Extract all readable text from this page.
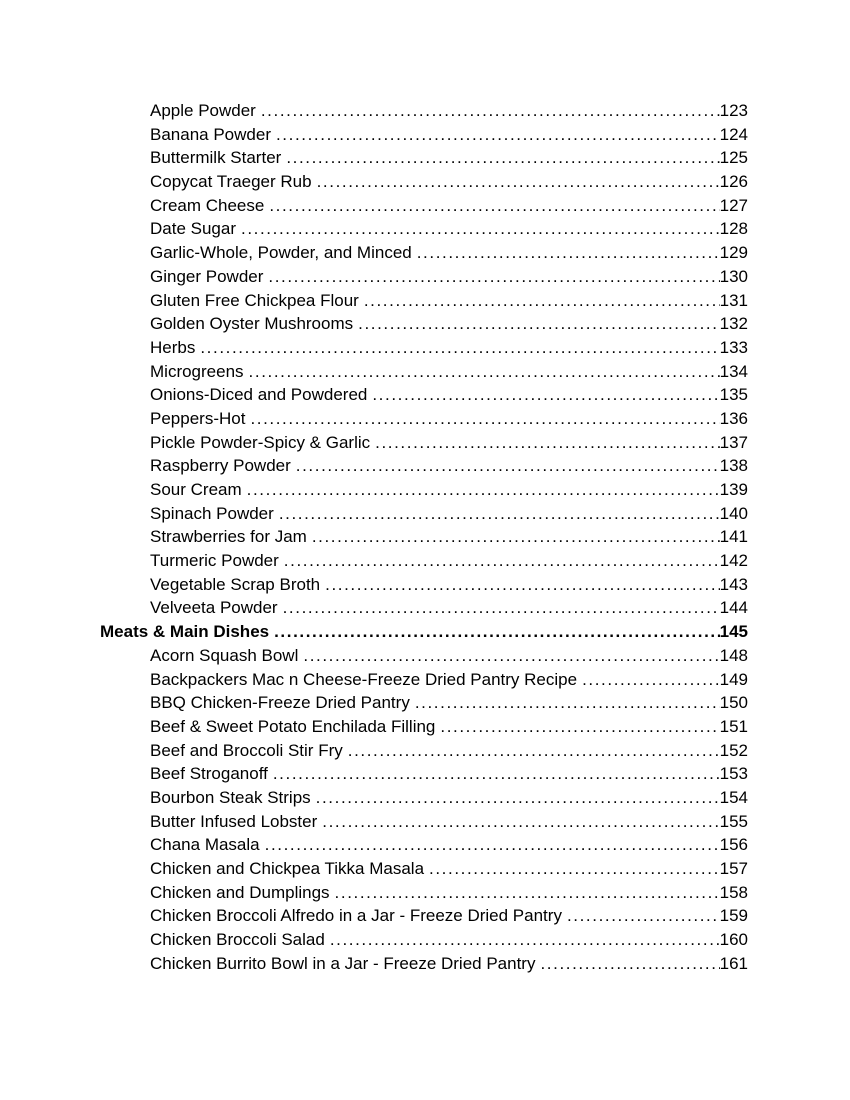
Apple Powder .....	123
Banana Powder .....	124
Buttermilk Starter .....	125
Copycat Traeger Rub .....	126
Cream Cheese .....	127
Date Sugar .....	128
Garlic-Whole, Powder, and Minced .....	129
Ginger Powder .....	130
Gluten Free Chickpea Flour .....	131
Golden Oyster Mushrooms .....	132
Herbs .....	133
Microgreens .....	134
Onions-Diced and Powdered .....	135
Peppers-Hot .....	136
Pickle Powder-Spicy & Garlic .....	137
Raspberry Powder .....	138
Sour Cream .....	139
Spinach Powder .....	140
Strawberries for Jam .....	141
Turmeric Powder .....	142
Vegetable Scrap Broth .....	143
Velveeta Powder .....	144
Meats & Main Dishes .....	145
Acorn Squash Bowl .....	148
Backpackers Mac n Cheese-Freeze Dried Pantry Recipe .....	149
BBQ Chicken-Freeze Dried Pantry .....	150
Beef & Sweet Potato Enchilada Filling .....	151
Beef and Broccoli Stir Fry .....	152
Beef Stroganoff .....	153
Bourbon Steak Strips .....	154
Butter Infused Lobster .....	155
Chana Masala .....	156
Chicken and Chickpea Tikka Masala .....	157
Chicken and Dumplings .....	158
Chicken Broccoli Alfredo in a Jar - Freeze Dried Pantry .....	159
Chicken Broccoli Salad .....	160
Chicken Burrito Bowl in a Jar - Freeze Dried Pantry .....	161
